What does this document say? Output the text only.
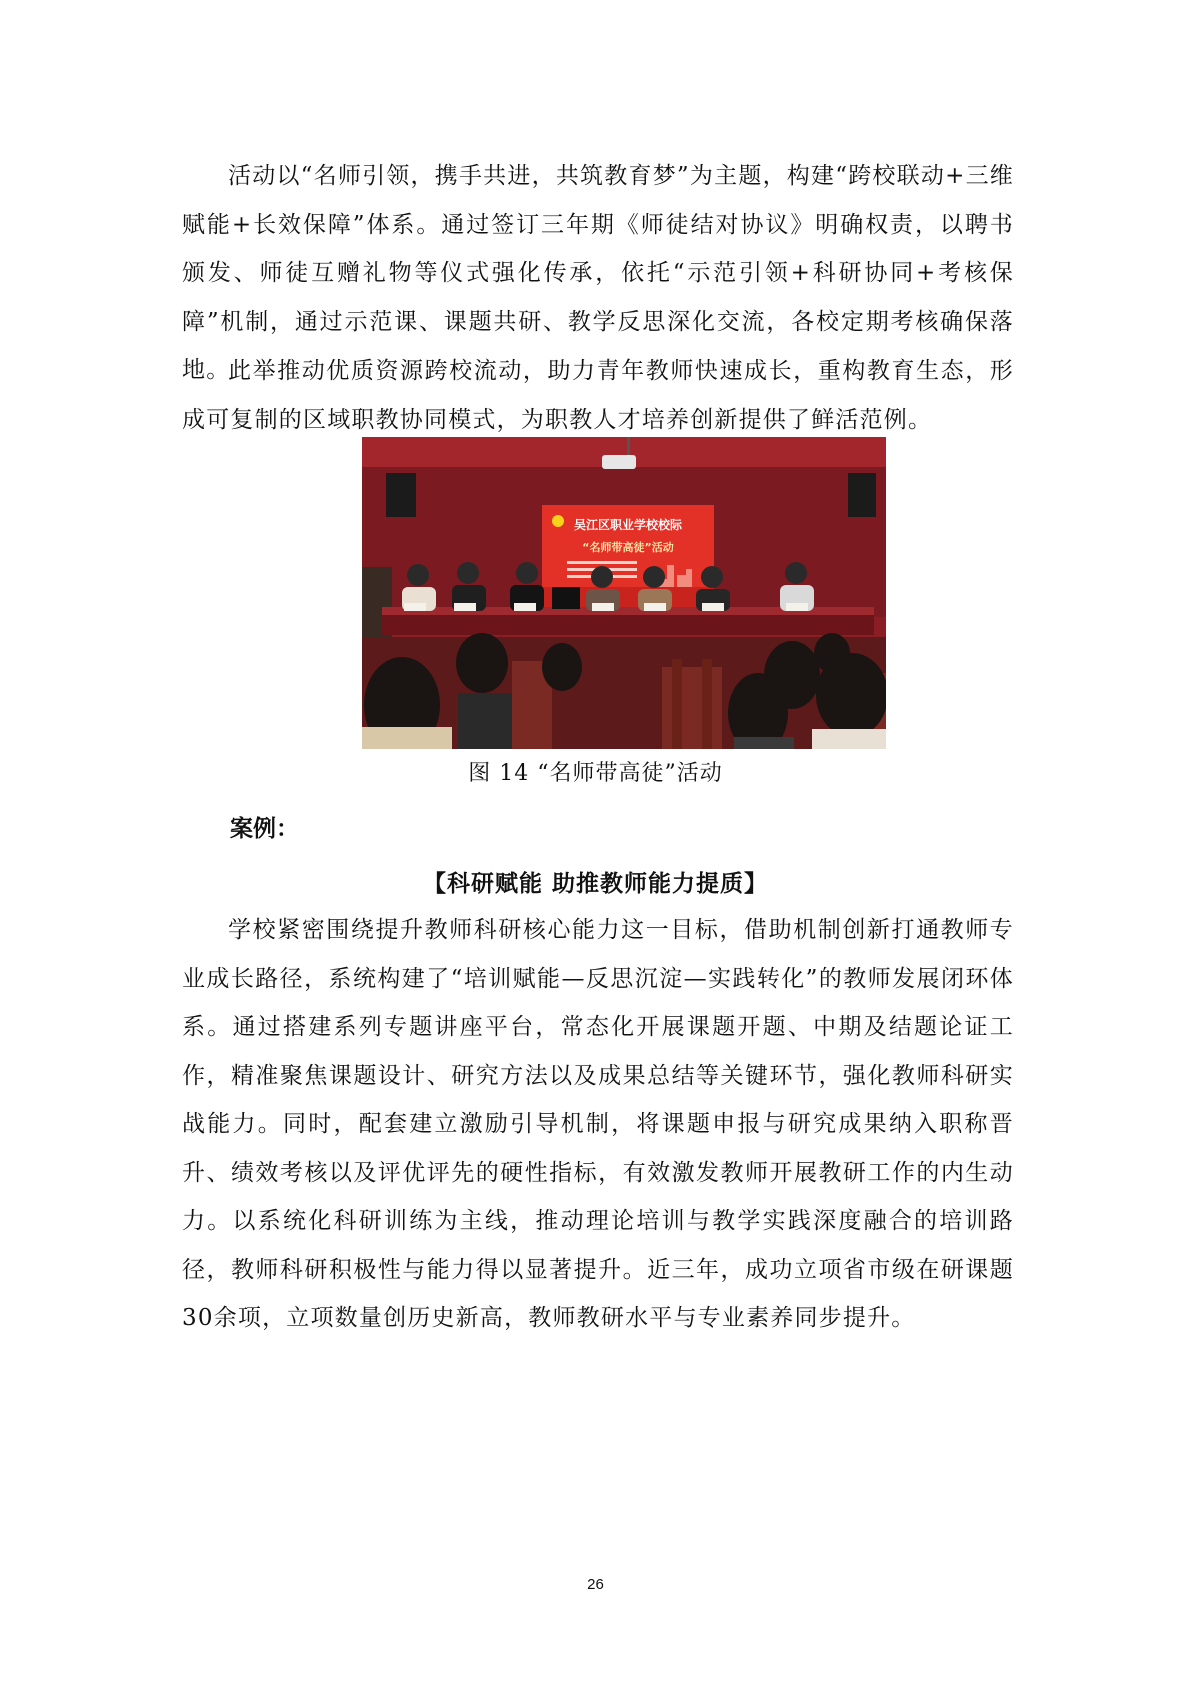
活动以“名师引领，携手共进，共筑教育梦”为主题，构建“跨校联动+三维赋能+长效保障”体系。通过签订三年期《师徒结对协议》明确权责，以聘书颁发、师徒互赠礼物等仪式强化传承，依托“示范引领+科研协同+考核保障”机制，通过示范课、课题共研、教学反思深化交流，各校定期考核确保落地。

此举推动优质资源跨校流动，助力青年教师快速成长，重构教育生态，形成可复制的区域职教协同模式，为职教人才培养创新提供了鲜活范例。

吴江区职业学校校际
“名师带高徒”活动

图 14 “名师带高徒”活动

案例：

【科研赋能 助推教师能力提质】

学校紧密围绕提升教师科研核心能力这一目标，借助机制创新打通教师专业成长路径，系统构建了“培训赋能—反思沉淀—实践转化”的教师发展闭环体系。通过搭建系列专题讲座平台，常态化开展课题开题、中期及结题论证工作，精准聚焦课题设计、研究方法以及成果总结等关键环节，强化教师科研实战能力。同时，配套建立激励引导机制，将课题申报与研究成果纳入职称晋升、绩效考核以及评优评先的硬性指标，有效激发教师开展教研工作的内生动力。以系统化科研训练为主线，推动理论培训与教学实践深度融合的培训路径，教师科研积极性与能力得以显著提升。近三年，成功立项省市级在研课题30余项，立项数量创历史新高，教师教研水平与专业素养同步提升。

26
